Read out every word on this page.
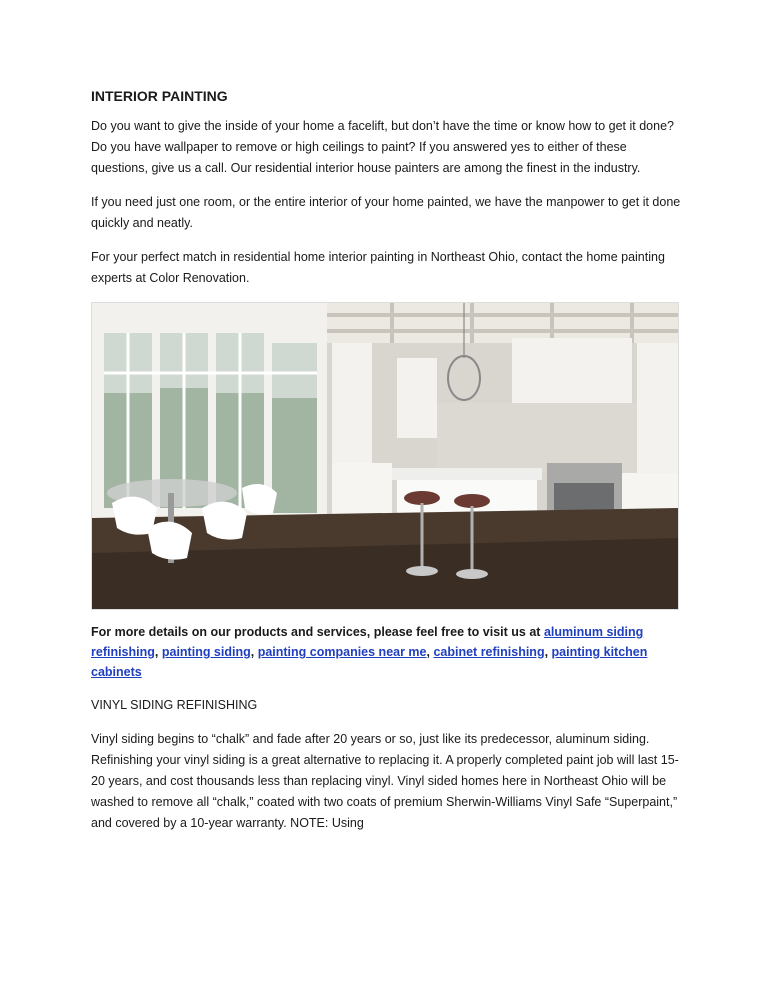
INTERIOR PAINTING

Do you want to give the inside of your home a facelift, but don’t have the time or know how to get it done? Do you have wallpaper to remove or high ceilings to paint? If you answered yes to either of these questions, give us a call. Our residential interior house painters are among the finest in the industry.

If you need just one room, or the entire interior of your home painted, we have the manpower to get it done quickly and neatly.

For your perfect match in residential home interior painting in Northeast Ohio, contact the home painting experts at Color Renovation.

For more details on our products and services, please feel free to visit us at aluminum siding refinishing, painting siding, painting companies near me, cabinet refinishing, painting kitchen cabinets

VINYL SIDING REFINISHING

Vinyl siding begins to “chalk” and fade after 20 years or so, just like its predecessor, aluminum siding. Refinishing your vinyl siding is a great alternative to replacing it. A properly completed paint job will last 15-20 years, and cost thousands less than replacing vinyl. Vinyl sided homes here in Northeast Ohio will be washed to remove all “chalk,” coated with two coats of premium Sherwin-Williams Vinyl Safe “Superpaint,” and covered by a 10-year warranty. NOTE: Using
